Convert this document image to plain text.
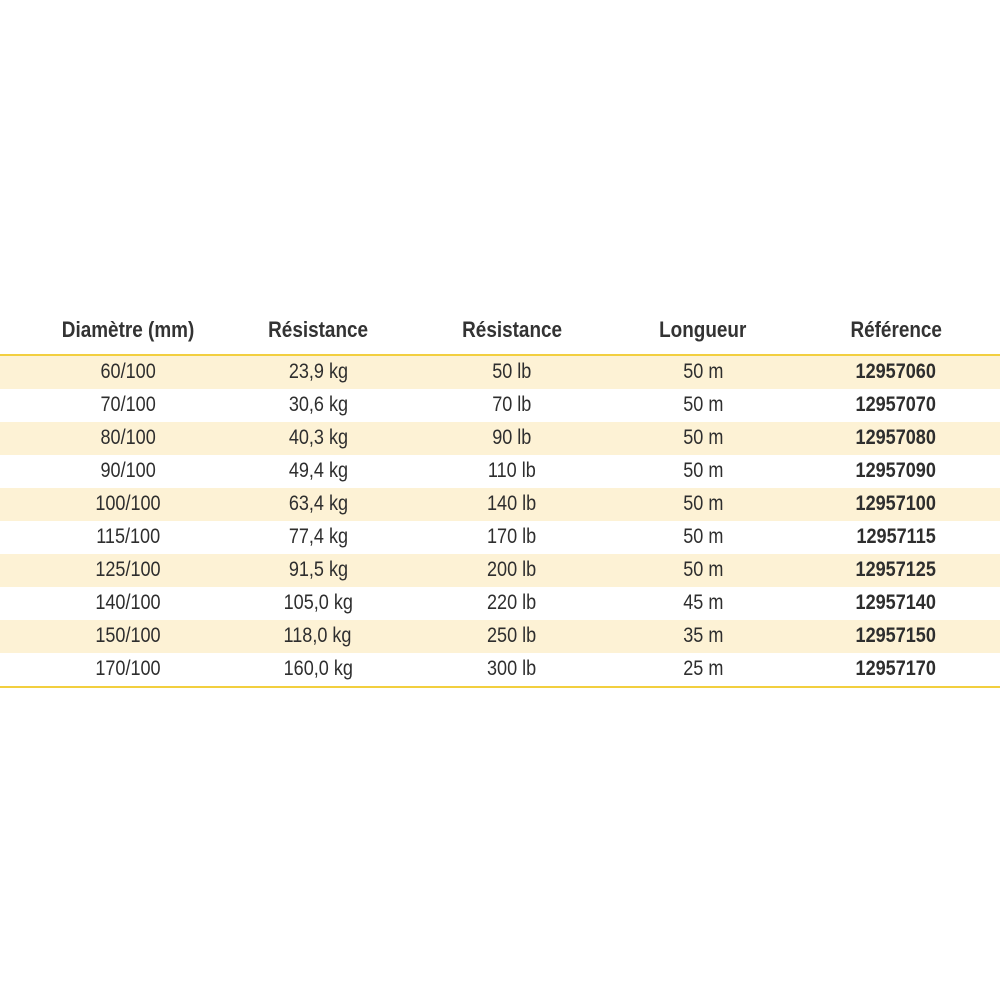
Diamètre (mm)	Résistance	Résistance	Longueur	Référence
60/100	23,9 kg	50 lb	50 m	12957060
70/100	30,6 kg	70 lb	50 m	12957070
80/100	40,3 kg	90 lb	50 m	12957080
90/100	49,4 kg	110 lb	50 m	12957090
100/100	63,4 kg	140 lb	50 m	12957100
115/100	77,4 kg	170 lb	50 m	12957115
125/100	91,5 kg	200 lb	50 m	12957125
140/100	105,0 kg	220 lb	45 m	12957140
150/100	118,0 kg	250 lb	35 m	12957150
170/100	160,0 kg	300 lb	25 m	12957170
